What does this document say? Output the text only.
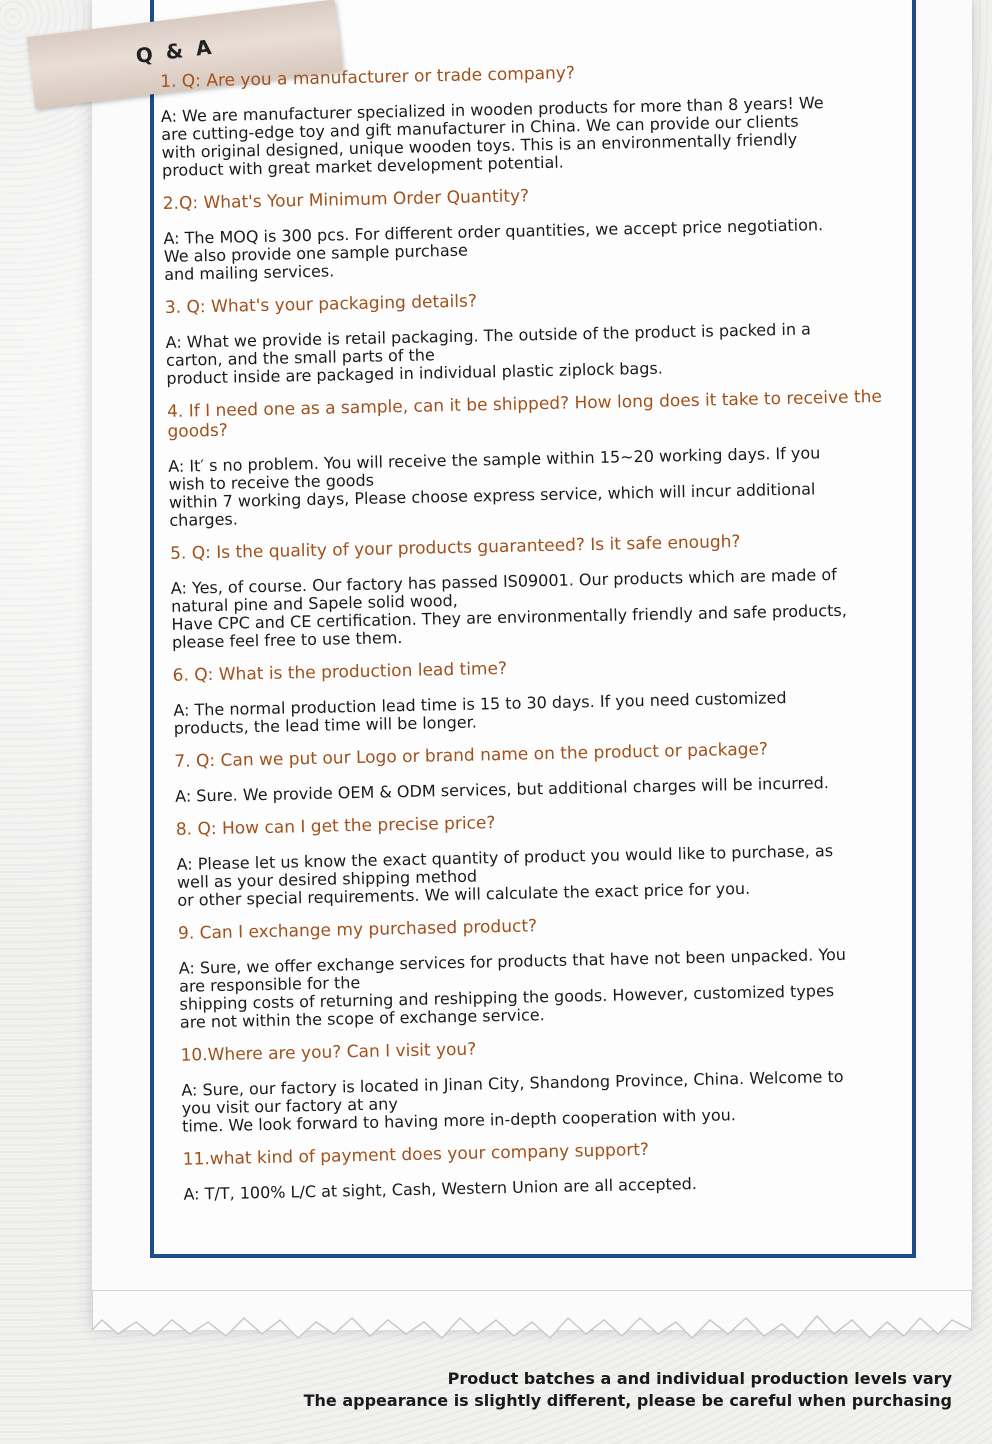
Q & A
1. Q: Are you a manufacturer or trade company?
A: We are manufacturer specialized in wooden products for more than 8 years! We
are cutting-edge toy and gift manufacturer in China. We can provide our clients
with original designed, unique wooden toys. This is an environmentally friendly
product with great market development potential.
2.Q: What's Your Minimum Order Quantity?
A: The MOQ is 300 pcs. For different order quantities, we accept price negotiation.
We also provide one sample purchase
and mailing services.
3. Q: What's your packaging details?
A: What we provide is retail packaging. The outside of the product is packed in a
carton, and the small parts of the
product inside are packaged in individual plastic ziplock bags.
4. If I need one as a sample, can it be shipped? How long does it take to receive the
goods?
A: It′ s no problem. You will receive the sample within 15~20 working days. If you
wish to receive the goods
within 7 working days, Please choose express service, which will incur additional
charges.
5. Q: Is the quality of your products guaranteed? Is it safe enough?
A: Yes, of course. Our factory has passed IS09001. Our products which are made of
natural pine and Sapele solid wood,
Have CPC and CE certification. They are environmentally friendly and safe products,
please feel free to use them.
6. Q: What is the production lead time?
A: The normal production lead time is 15 to 30 days. If you need customized
products, the lead time will be longer.
7. Q: Can we put our Logo or brand name on the product or package?
A: Sure. We provide OEM & ODM services, but additional charges will be incurred.
8. Q: How can I get the precise price?
A: Please let us know the exact quantity of product you would like to purchase, as
well as your desired shipping method
or other special requirements. We will calculate the exact price for you.
9. Can I exchange my purchased product?
A: Sure, we offer exchange services for products that have not been unpacked. You
are responsible for the
shipping costs of returning and reshipping the goods. However, customized types
are not within the scope of exchange service.
10.Where are you? Can I visit you?
A: Sure, our factory is located in Jinan City, Shandong Province, China. Welcome to
you visit our factory at any
time. We look forward to having more in-depth cooperation with you.
11.what kind of payment does your company support?
A: T/T, 100% L/C at sight, Cash, Western Union are all accepted.
Product batches a and individual production levels vary
The appearance is slightly different, please be careful when purchasing
